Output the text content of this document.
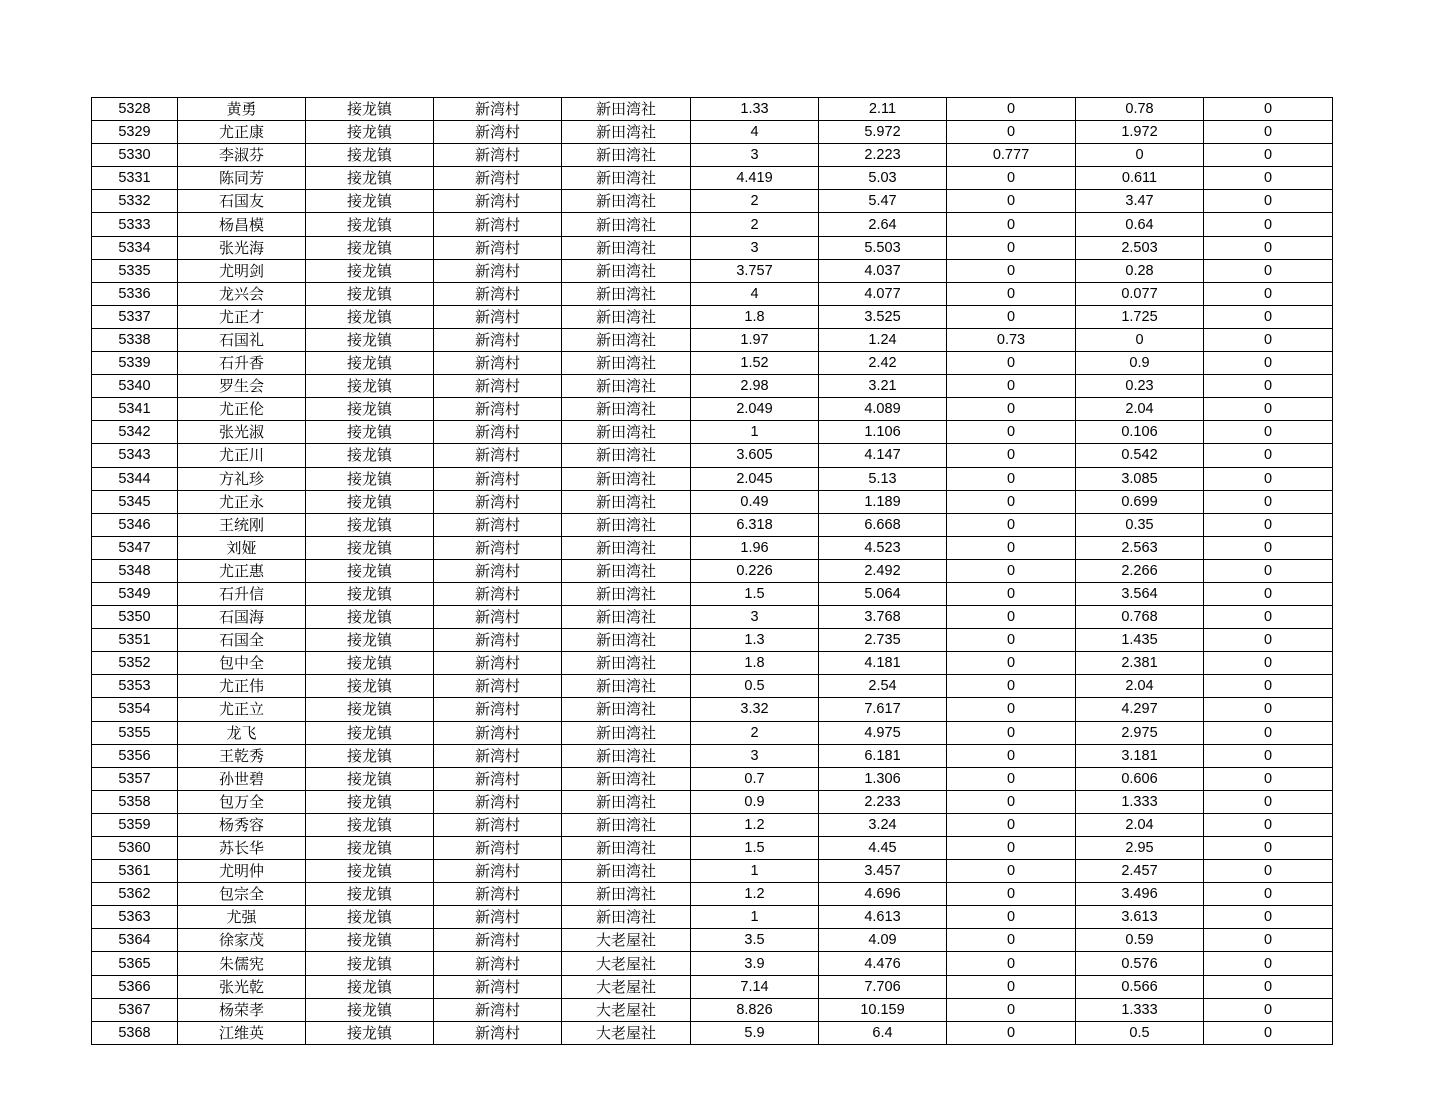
5328	黄勇	接龙镇	新湾村	新田湾社	1.33	2.11	0	0.78	0
5329	尤正康	接龙镇	新湾村	新田湾社	4	5.972	0	1.972	0
5330	李淑芬	接龙镇	新湾村	新田湾社	3	2.223	0.777	0	0
5331	陈同芳	接龙镇	新湾村	新田湾社	4.419	5.03	0	0.611	0
5332	石国友	接龙镇	新湾村	新田湾社	2	5.47	0	3.47	0
5333	杨昌模	接龙镇	新湾村	新田湾社	2	2.64	0	0.64	0
5334	张光海	接龙镇	新湾村	新田湾社	3	5.503	0	2.503	0
5335	尤明剑	接龙镇	新湾村	新田湾社	3.757	4.037	0	0.28	0
5336	龙兴会	接龙镇	新湾村	新田湾社	4	4.077	0	0.077	0
5337	尤正才	接龙镇	新湾村	新田湾社	1.8	3.525	0	1.725	0
5338	石国礼	接龙镇	新湾村	新田湾社	1.97	1.24	0.73	0	0
5339	石升香	接龙镇	新湾村	新田湾社	1.52	2.42	0	0.9	0
5340	罗生会	接龙镇	新湾村	新田湾社	2.98	3.21	0	0.23	0
5341	尤正伦	接龙镇	新湾村	新田湾社	2.049	4.089	0	2.04	0
5342	张光淑	接龙镇	新湾村	新田湾社	1	1.106	0	0.106	0
5343	尤正川	接龙镇	新湾村	新田湾社	3.605	4.147	0	0.542	0
5344	方礼珍	接龙镇	新湾村	新田湾社	2.045	5.13	0	3.085	0
5345	尤正永	接龙镇	新湾村	新田湾社	0.49	1.189	0	0.699	0
5346	王统刚	接龙镇	新湾村	新田湾社	6.318	6.668	0	0.35	0
5347	刘娅	接龙镇	新湾村	新田湾社	1.96	4.523	0	2.563	0
5348	尤正惠	接龙镇	新湾村	新田湾社	0.226	2.492	0	2.266	0
5349	石升信	接龙镇	新湾村	新田湾社	1.5	5.064	0	3.564	0
5350	石国海	接龙镇	新湾村	新田湾社	3	3.768	0	0.768	0
5351	石国全	接龙镇	新湾村	新田湾社	1.3	2.735	0	1.435	0
5352	包中全	接龙镇	新湾村	新田湾社	1.8	4.181	0	2.381	0
5353	尤正伟	接龙镇	新湾村	新田湾社	0.5	2.54	0	2.04	0
5354	尤正立	接龙镇	新湾村	新田湾社	3.32	7.617	0	4.297	0
5355	龙飞	接龙镇	新湾村	新田湾社	2	4.975	0	2.975	0
5356	王乾秀	接龙镇	新湾村	新田湾社	3	6.181	0	3.181	0
5357	孙世碧	接龙镇	新湾村	新田湾社	0.7	1.306	0	0.606	0
5358	包万全	接龙镇	新湾村	新田湾社	0.9	2.233	0	1.333	0
5359	杨秀容	接龙镇	新湾村	新田湾社	1.2	3.24	0	2.04	0
5360	苏长华	接龙镇	新湾村	新田湾社	1.5	4.45	0	2.95	0
5361	尤明仲	接龙镇	新湾村	新田湾社	1	3.457	0	2.457	0
5362	包宗全	接龙镇	新湾村	新田湾社	1.2	4.696	0	3.496	0
5363	尤强	接龙镇	新湾村	新田湾社	1	4.613	0	3.613	0
5364	徐家茂	接龙镇	新湾村	大老屋社	3.5	4.09	0	0.59	0
5365	朱儒宪	接龙镇	新湾村	大老屋社	3.9	4.476	0	0.576	0
5366	张光乾	接龙镇	新湾村	大老屋社	7.14	7.706	0	0.566	0
5367	杨荣孝	接龙镇	新湾村	大老屋社	8.826	10.159	0	1.333	0
5368	江维英	接龙镇	新湾村	大老屋社	5.9	6.4	0	0.5	0
